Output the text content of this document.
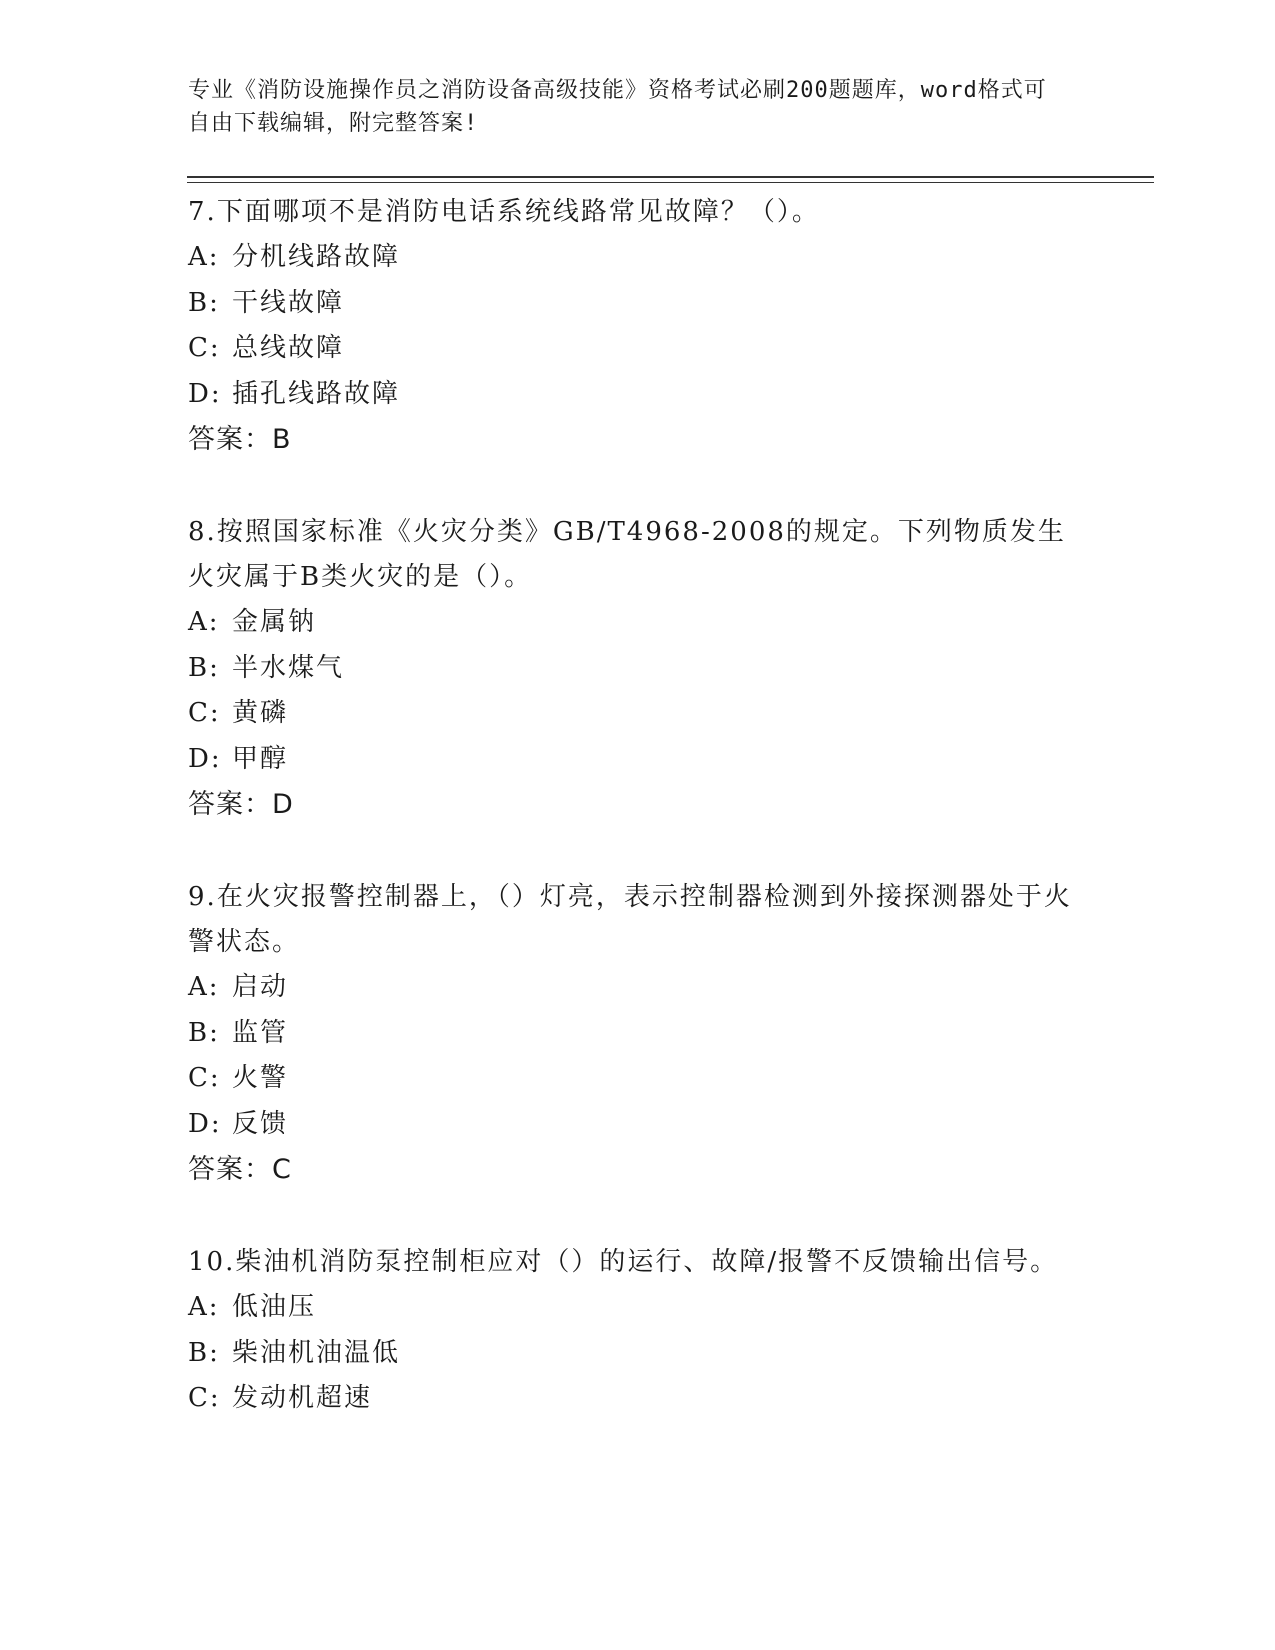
专业《消防设施操作员之消防设备高级技能》资格考试必刷200题题库，word格式可自由下载编辑，附完整答案!

7.下面哪项不是消防电话系统线路常见故障？（）。

A: 分机线路故障
B: 干线故障
C: 总线故障
D: 插孔线路故障
答案：B

8.按照国家标准《火灾分类》GB/T4968-2008的规定。下列物质发生火灾属于B类火灾的是（）。

A: 金属钠
B: 半水煤气
C: 黄磷
D: 甲醇
答案：D

9.在火灾报警控制器上，（）灯亮，表示控制器检测到外接探测器处于火警状态。

A: 启动
B: 监管
C: 火警
D: 反馈
答案：C

10.柴油机消防泵控制柜应对（）的运行、故障/报警不反馈输出信号。

A: 低油压
B: 柴油机油温低
C: 发动机超速
